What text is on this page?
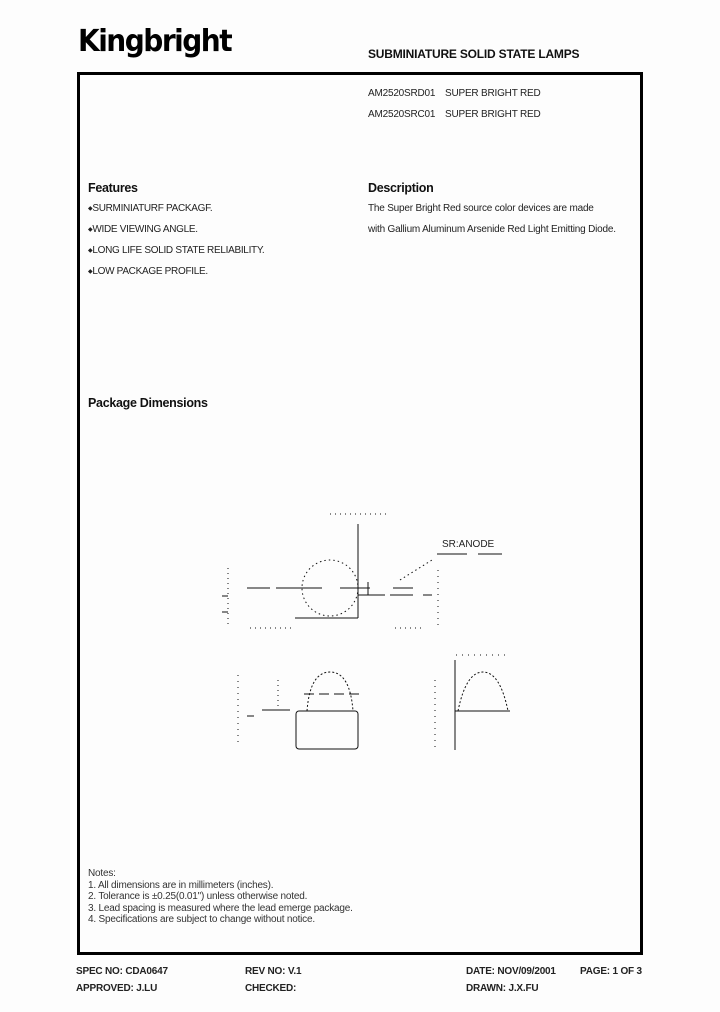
Kingbright	SUBMINIATURE SOLID STATE LAMPS
AM2520SRD01 SUPER BRIGHT RED
AM2520SRC01 SUPER BRIGHT RED
Features
◆SURMINIATURF PACKAGF.
◆WIDE VIEWING ANGLE.
◆LONG LIFE SOLID STATE RELIABILITY.
◆LOW PACKAGE PROFILE.
Description
The Super Bright Red source color devices are made
with Gallium Aluminum Arsenide Red Light Emitting Diode.
Package Dimensions
SR:ANODE
Notes:
1. All dimensions are in millimeters (inches).
2. Tolerance is ±0.25(0.01") unless otherwise noted.
3. Lead spacing is measured where the lead emerge package.
4. Specifications are subject to change without notice.
SPEC NO: CDA0647	REV NO: V.1	DATE: NOV/09/2001 PAGE: 1 OF 3
APPROVED: J.LU	CHECKED:	DRAWN: J.X.FU
